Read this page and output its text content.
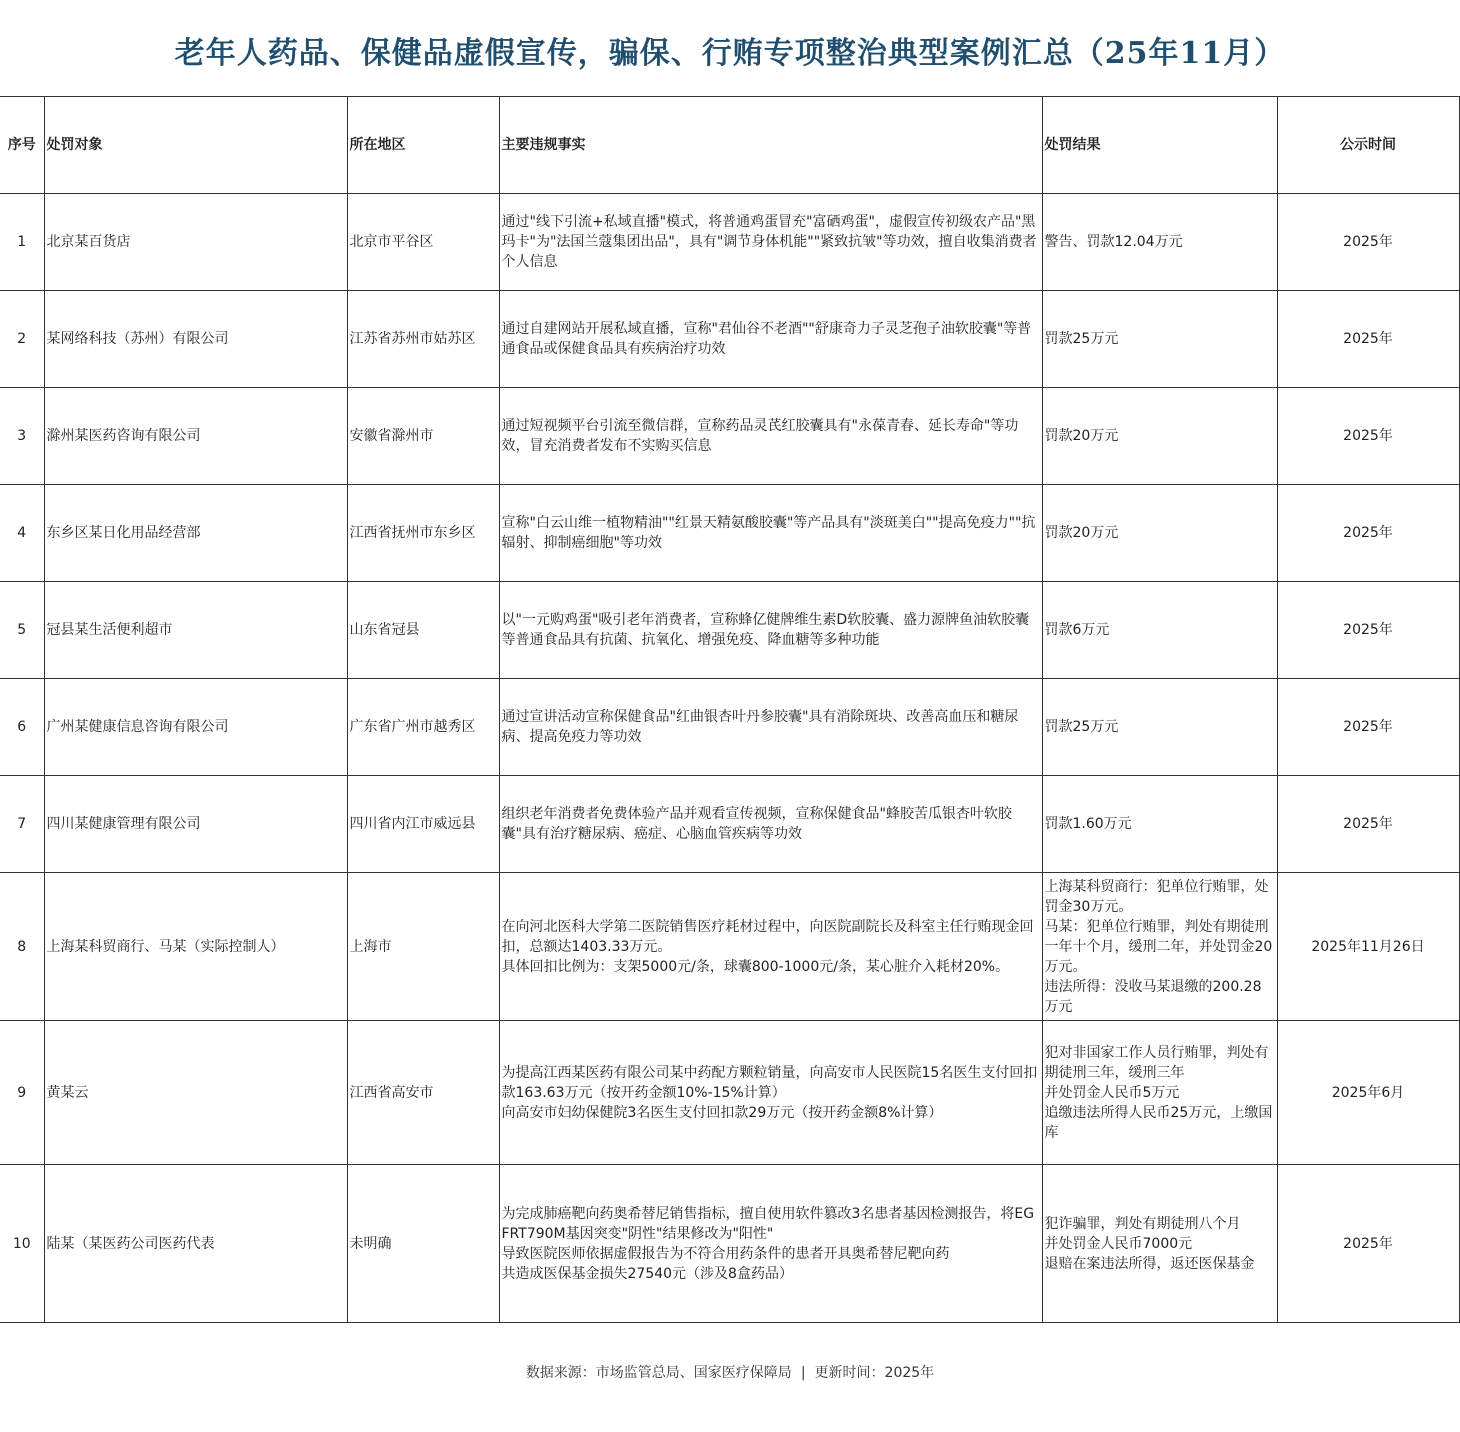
老年人药品、保健品虚假宣传，骗保、行贿专项整治典型案例汇总（25年11月）
序号	处罚对象	所在地区	主要违规事实	处罚结果	公示时间
1	北京某百货店	北京市平谷区	通过"线下引流+私域直播"模式，将普通鸡蛋冒充"富硒鸡蛋"，虚假宣传初级农产品"黑玛卡"为"法国兰蔻集团出品"，具有"调节身体机能""紧致抗皱"等功效，擅自收集消费者个人信息	警告、罚款12.04万元	2025年
2	某网络科技（苏州）有限公司	江苏省苏州市姑苏区	通过自建网站开展私域直播，宣称"君仙谷不老酒""舒康奇力子灵芝孢子油软胶囊"等普通食品或保健食品具有疾病治疗功效	罚款25万元	2025年
3	滁州某医药咨询有限公司	安徽省滁州市	通过短视频平台引流至微信群，宣称药品灵芪红胶囊具有"永葆青春、延长寿命"等功效，冒充消费者发布不实购买信息	罚款20万元	2025年
4	东乡区某日化用品经营部	江西省抚州市东乡区	宣称"白云山维一植物精油""红景天精氨酸胶囊"等产品具有"淡斑美白""提高免疫力""抗辐射、抑制癌细胞"等功效	罚款20万元	2025年
5	冠县某生活便利超市	山东省冠县	以"一元购鸡蛋"吸引老年消费者，宣称蜂亿健牌维生素D软胶囊、盛力源牌鱼油软胶囊等普通食品具有抗菌、抗氧化、增强免疫、降血糖等多种功能	罚款6万元	2025年
6	广州某健康信息咨询有限公司	广东省广州市越秀区	通过宣讲活动宣称保健食品"红曲银杏叶丹参胶囊"具有消除斑块、改善高血压和糖尿病、提高免疫力等功效	罚款25万元	2025年
7	四川某健康管理有限公司	四川省内江市威远县	组织老年消费者免费体验产品并观看宣传视频，宣称保健食品"蜂胶苦瓜银杏叶软胶囊"具有治疗糖尿病、癌症、心脑血管疾病等功效	罚款1.60万元	2025年
8	上海某科贸商行、马某（实际控制人）	上海市	在向河北医科大学第二医院销售医疗耗材过程中，向医院副院长及科室主任行贿现金回扣，总额达1403.33万元。
具体回扣比例为：支架5000元/条，球囊800-1000元/条，某心脏介入耗材20%。	上海某科贸商行：犯单位行贿罪，处罚金30万元。
马某：犯单位行贿罪，判处有期徒刑一年十个月，缓刑二年，并处罚金20万元。
违法所得：没收马某退缴的200.28万元	2025年11月26日
9	黄某云	江西省高安市	为提高江西某医药有限公司某中药配方颗粒销量，向高安市人民医院15名医生支付回扣款163.63万元（按开药金额10%-15%计算）
向高安市妇幼保健院3名医生支付回扣款29万元（按开药金额8%计算）	犯对非国家工作人员行贿罪，判处有期徒刑三年，缓刑三年
并处罚金人民币5万元
追缴违法所得人民币25万元，上缴国库	2025年6月
10	陆某（某医药公司医药代表	未明确	为完成肺癌靶向药奥希替尼销售指标，擅自使用软件篡改3名患者基因检测报告，将EGFRT790M基因突变"阴性"结果修改为"阳性"
导致医院医师依据虚假报告为不符合用药条件的患者开具奥希替尼靶向药
共造成医保基金损失27540元（涉及8盒药品）	犯诈骗罪，判处有期徒刑八个月
并处罚金人民币7000元
退赔在案违法所得，返还医保基金	2025年
数据来源：市场监管总局、国家医疗保障局 | 更新时间：2025年
